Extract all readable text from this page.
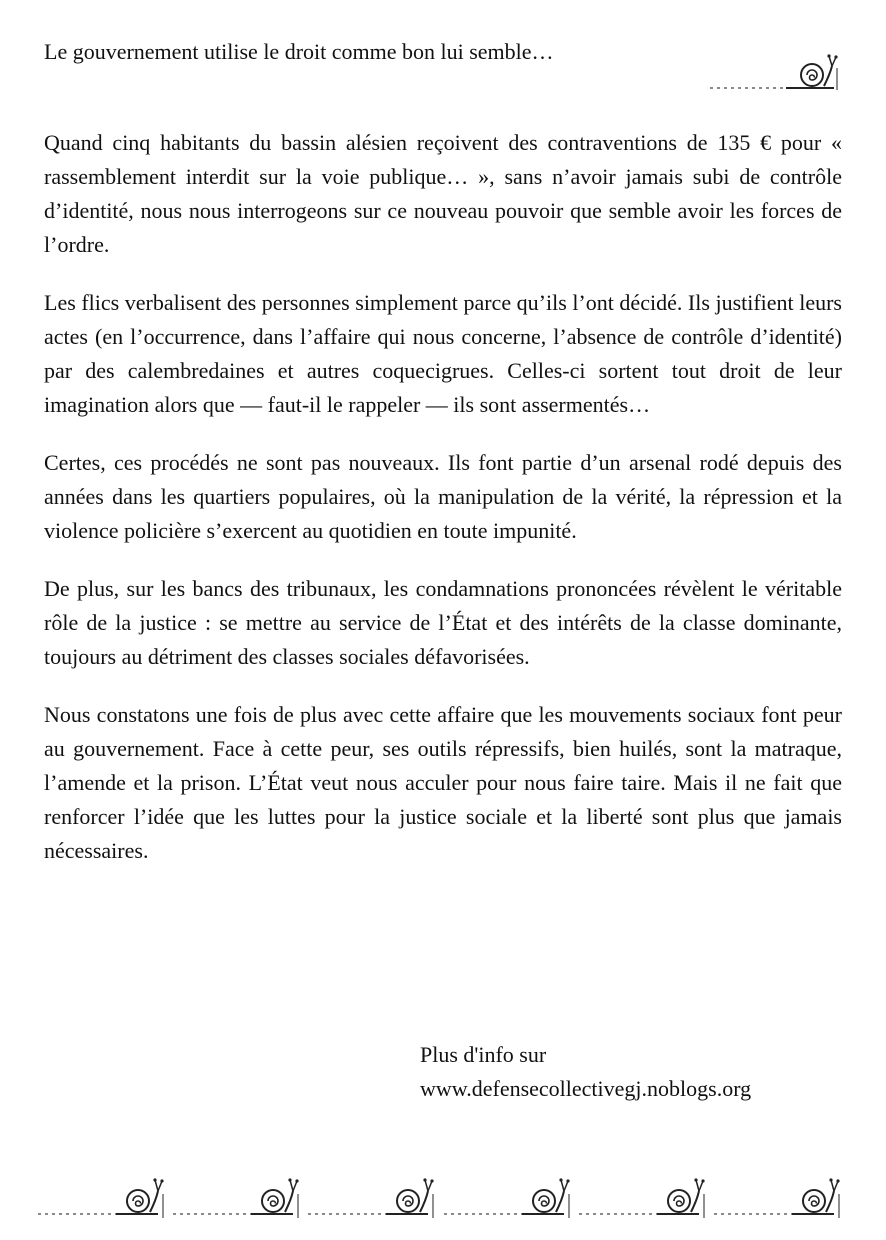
Le gouvernement utilise le droit comme bon lui semble…

Quand cinq habitants du bassin alésien reçoivent des contraventions de 135 € pour « rassemblement interdit sur la voie publique… », sans n’avoir jamais subi de contrôle d’identité, nous nous interrogeons sur ce nouveau pouvoir que semble avoir les forces de l’ordre.

Les flics verbalisent des personnes simplement parce qu’ils l’ont décidé. Ils justifient leurs actes (en l’occurrence, dans l’affaire qui nous concerne, l’absence de contrôle d’identité) par des calembredaines et autres coquecigrues. Celles-ci sortent tout droit de leur imagination alors que — faut-il le rappeler — ils sont assermentés…

Certes, ces procédés ne sont pas nouveaux. Ils font partie d’un arsenal rodé depuis des années dans les quartiers populaires, où la manipulation de la vérité, la répression et la violence policière s’exercent au quotidien en toute impunité.

De plus, sur les bancs des tribunaux, les condamnations prononcées révèlent le véritable rôle de la justice : se mettre au service de l’État et des intérêts de la classe dominante, toujours au détriment des classes sociales défavorisées.

Nous constatons une fois de plus avec cette affaire que les mouvements sociaux font peur au gouvernement. Face à cette peur, ses outils répressifs, bien huilés, sont la matraque, l’amende et la prison. L’État veut nous acculer pour nous faire taire. Mais il ne fait que renforcer l’idée que les luttes pour la justice sociale et la liberté sont plus que jamais nécessaires.

Plus d'info sur
www.defensecollectivegj.noblogs.org
